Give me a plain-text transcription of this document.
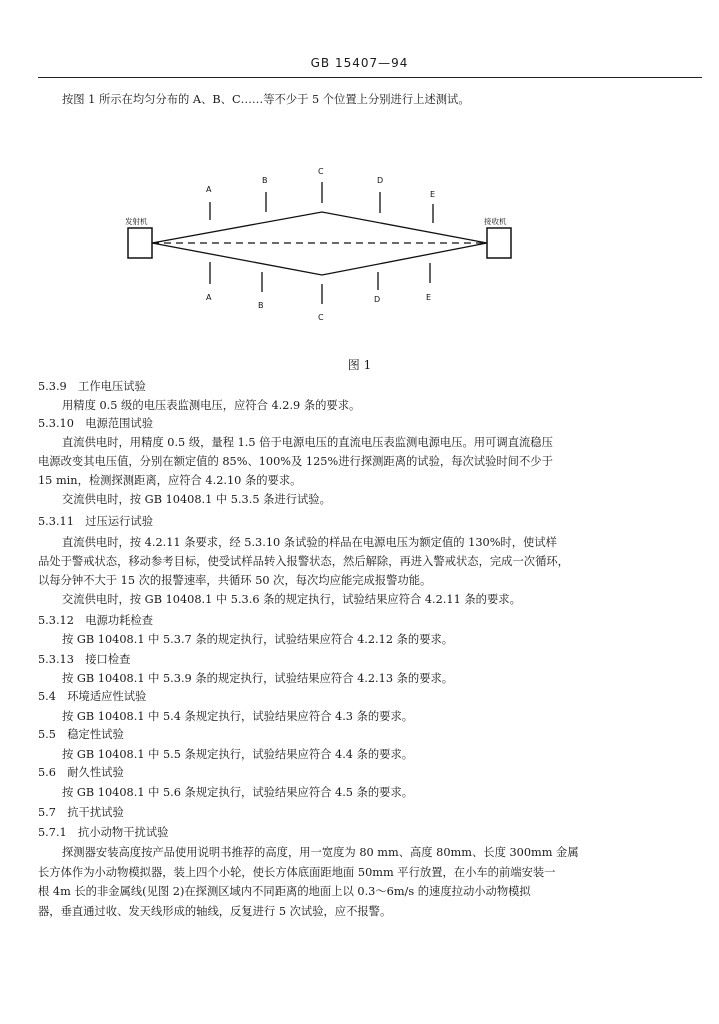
GB 15407—94
按图 1 所示在均匀分布的 A、B、C……等不少于 5 个位置上分别进行上述测试。
发射机	接收机
A
B
C
D
E
A
B
C
D	E
图 1
5.3.9　工作电压试验
用精度 0.5 级的电压表监测电压，应符合 4.2.9 条的要求。
5.3.10　电源范围试验
直流供电时，用精度 0.5 级，量程 1.5 倍于电源电压的直流电压表监测电源电压。用可调直流稳压
电源改变其电压值，分别在额定值的 85%、100%及 125%进行探测距离的试验，每次试验时间不少于
15 min，检测探测距离，应符合 4.2.10 条的要求。
交流供电时，按 GB 10408.1 中 5.3.5 条进行试验。
5.3.11　过压运行试验
直流供电时，按 4.2.11 条要求，经 5.3.10 条试验的样品在电源电压为额定值的 130%时，使试样
品处于警戒状态，移动参考目标，使受试样品转入报警状态，然后解除，再进入警戒状态，完成一次循环，
以每分钟不大于 15 次的报警速率，共循环 50 次，每次均应能完成报警功能。
交流供电时，按 GB 10408.1 中 5.3.6 条的规定执行，试验结果应符合 4.2.11 条的要求。
5.3.12　电源功耗检查
按 GB 10408.1 中 5.3.7 条的规定执行，试验结果应符合 4.2.12 条的要求。
5.3.13　接口检查
按 GB 10408.1 中 5.3.9 条的规定执行，试验结果应符合 4.2.13 条的要求。
5.4　环境适应性试验
按 GB 10408.1 中 5.4 条规定执行，试验结果应符合 4.3 条的要求。
5.5　稳定性试验
按 GB 10408.1 中 5.5 条规定执行，试验结果应符合 4.4 条的要求。
5.6　耐久性试验
按 GB 10408.1 中 5.6 条规定执行，试验结果应符合 4.5 条的要求。
5.7　抗干扰试验
5.7.1　抗小动物干扰试验
探测器安装高度按产品使用说明书推荐的高度，用一宽度为 80 mm、高度 80mm、长度 300mm 金属
长方体作为小动物模拟器，装上四个小轮，使长方体底面距地面 50mm 平行放置，在小车的前端安装一
根 4m 长的非金属线(见图 2)在探测区域内不同距离的地面上以 0.3～6m/s 的速度拉动小动物模拟
器，垂直通过收、发天线形成的轴线，反复进行 5 次试验，应不报警。
